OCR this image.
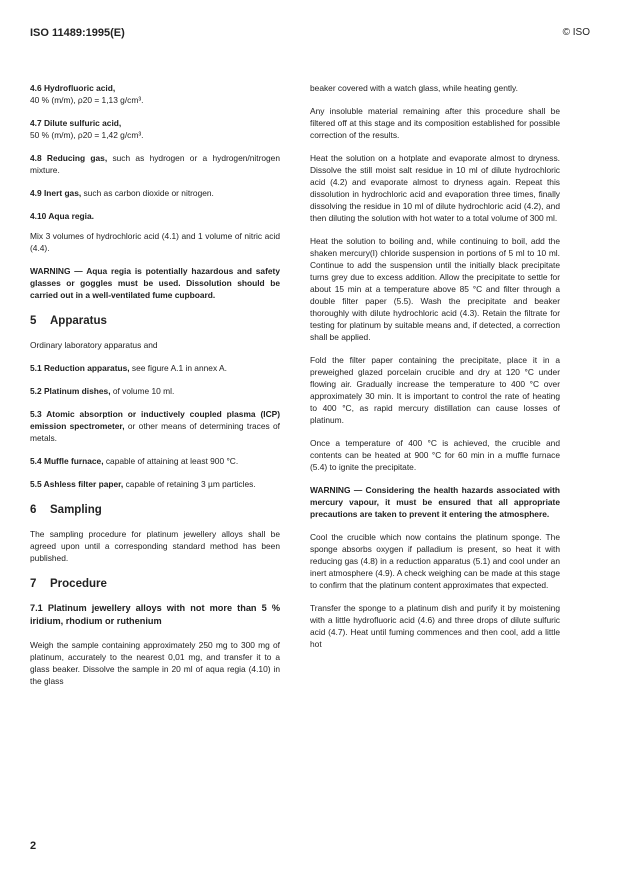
ISO 11489:1995(E)	© ISO
4.6 Hydrofluoric acid,

40 % (m/m), ρ20 = 1,13 g/cm³.

4.7 Dilute sulfuric acid,

50 % (m/m), ρ20 = 1,42 g/cm³.

4.8 Reducing gas, such as hydrogen or a hydrogen/nitrogen mixture.

4.9 Inert gas, such as carbon dioxide or nitrogen.

4.10 Aqua regia.

Mix 3 volumes of hydrochloric acid (4.1) and 1 volume of nitric acid (4.4).

WARNING — Aqua regia is potentially hazardous and safety glasses or goggles must be used. Dissolution should be carried out in a well-ventilated fume cupboard.

5 Apparatus

Ordinary laboratory apparatus and

5.1 Reduction apparatus, see figure A.1 in annex A.

5.2 Platinum dishes, of volume 10 ml.

5.3 Atomic absorption or inductively coupled plasma (ICP) emission spectrometer, or other means of determining traces of metals.

5.4 Muffle furnace, capable of attaining at least 900 °C.

5.5 Ashless filter paper, capable of retaining 3 µm particles.

6 Sampling

The sampling procedure for platinum jewellery alloys shall be agreed upon until a corresponding standard method has been published.

7 Procedure

7.1 Platinum jewellery alloys with not more than 5 % iridium, rhodium or ruthenium

Weigh the sample containing approximately 250 mg to 300 mg of platinum, accurately to the nearest 0,01 mg, and transfer it to a glass beaker. Dissolve the sample in 20 ml of aqua regia (4.10) in the glass

beaker covered with a watch glass, while heating gently.

Any insoluble material remaining after this procedure shall be filtered off at this stage and its composition established for possible correction of the results.

Heat the solution on a hotplate and evaporate almost to dryness. Dissolve the still moist salt residue in 10 ml of dilute hydrochloric acid (4.2) and evaporate almost to dryness again. Repeat this dissolution in hydrochloric acid and evaporation three times, finally dissolving the residue in 10 ml of dilute hydrochloric acid (4.2), and then diluting the solution with hot water to a total volume of 300 ml.

Heat the solution to boiling and, while continuing to boil, add the shaken mercury(I) chloride suspension in portions of 5 ml to 10 ml. Continue to add the suspension until the initially black precipitate turns grey due to excess addition. Allow the precipitate to settle for about 15 min at a temperature above 85 °C and filter through a double filter paper (5.5). Wash the precipitate and beaker thoroughly with dilute hydrochloric acid (4.3). Retain the filtrate for testing for platinum by suitable means and, if detected, a correction shall be applied.

Fold the filter paper containing the precipitate, place it in a preweighed glazed porcelain crucible and dry at 120 °C under flowing air. Gradually increase the temperature to 400 °C over approximately 30 min. It is important to control the rate of heating to 400 °C, as rapid mercury distillation can cause losses of platinum.

Once a temperature of 400 °C is achieved, the crucible and contents can be heated at 900 °C for 60 min in a muffle furnace (5.4) to ignite the precipitate.

WARNING — Considering the health hazards associated with mercury vapour, it must be ensured that all appropriate precautions are taken to prevent it entering the atmosphere.

Cool the crucible which now contains the platinum sponge. The sponge absorbs oxygen if palladium is present, so heat it with reducing gas (4.8) in a reduction apparatus (5.1) and cool under an inert atmosphere (4.9). A check weighing can be made at this stage to confirm that the platinum content approximates that expected.

Transfer the sponge to a platinum dish and purify it by moistening with a little hydrofluoric acid (4.6) and three drops of dilute sulfuric acid (4.7). Heat until fuming commences and then cool, add a little hot

2
